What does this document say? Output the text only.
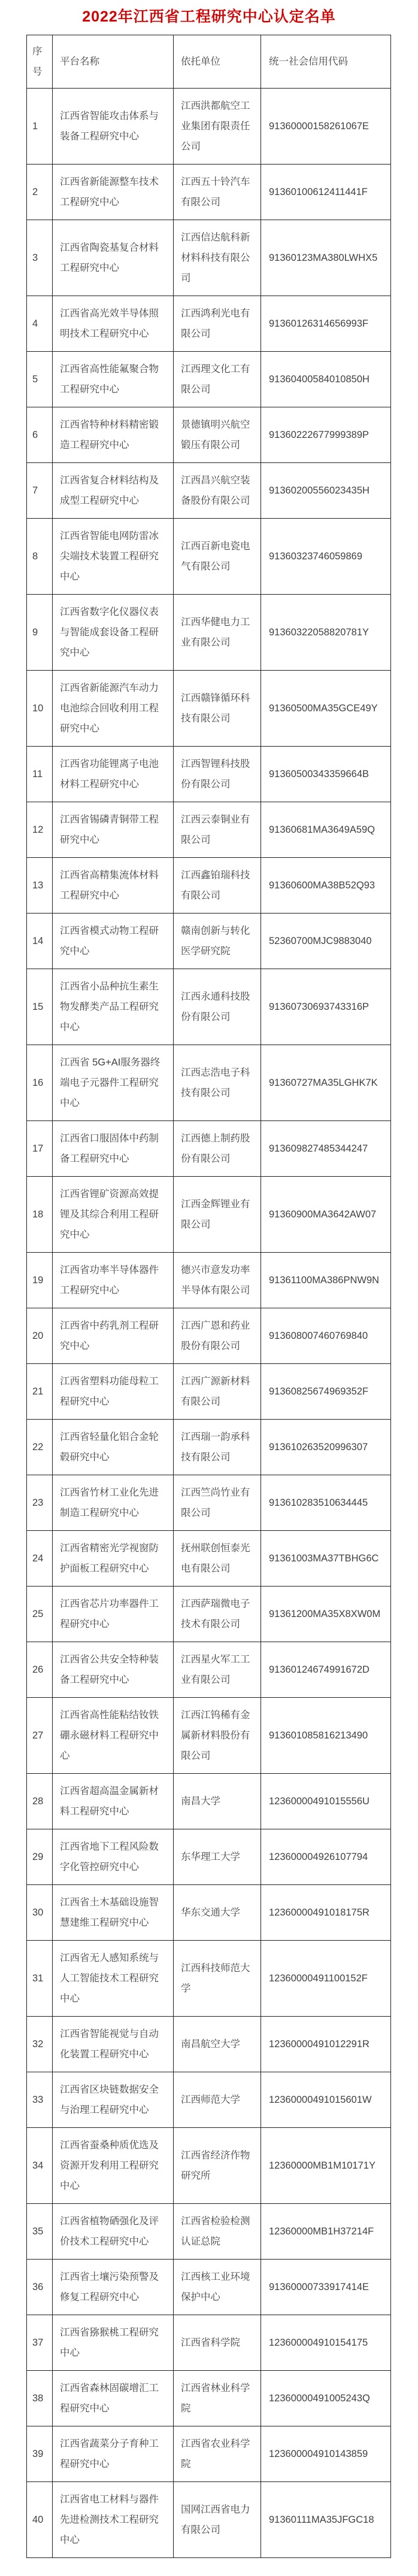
2022年江西省工程研究中心认定名单
序号	平台名称	依托单位	统一社会信用代码
1	江西省智能攻击体系与装备工程研究中心	江西洪都航空工业集团有限责任公司	91360000158261067E
2	江西省新能源整车技术工程研究中心	江西五十铃汽车有限公司	91360100612411441F
3	江西省陶瓷基复合材料工程研究中心	江西信达航科新材料科技有限公司	91360123MA380LWHX5
4	江西省高光效半导体照明技术工程研究中心	江西鸿利光电有限公司	91360126314656993F
5	江西省高性能氟聚合物工程研究中心	江西理文化工有限公司	91360400584010850H
6	江西省特种材料精密锻造工程研究中心	景德镇明兴航空锻压有限公司	91360222677999389P
7	江西省复合材料结构及成型工程研究中心	江西昌兴航空装备股份有限公司	91360200556023435H
8	江西省智能电网防雷冰尖端技术装置工程研究中心	江西百新电瓷电气有限公司	91360323746059869
9	江西省数字化仪器仪表与智能成套设备工程研究中心	江西华健电力工业有限公司	91360322058820781Y
10	江西省新能源汽车动力电池综合回收利用工程研究中心	江西赣锋循环科技有限公司	91360500MA35GCE49Y
11	江西省功能锂离子电池材料工程研究中心	江西智锂科技股份有限公司	91360500343359664B
12	江西省锡磷青铜带工程研究中心	江西云泰铜业有限公司	91360681MA3649A59Q
13	江西省高精集流体材料工程研究中心	江西鑫铂瑞科技有限公司	91360600MA38B52Q93
14	江西省模式动物工程研究中心	赣南创新与转化医学研究院	52360700MJC9883040
15	江西省小品种抗生素生物发酵类产品工程研究中心	江西永通科技股份有限公司	91360730693743316P
16	江西省 5G+AI服务器终端电子元器件工程研究中心	江西志浩电子科技有限公司	91360727MA35LGHK7K
17	江西省口服固体中药制备工程研究中心	江西德上制药股份有限公司	913609827485344247
18	江西省锂矿资源高效提锂及其综合利用工程研究中心	江西金辉锂业有限公司	91360900MA3642AW07
19	江西省功率半导体器件工程研究中心	德兴市意发功率半导体有限公司	91361100MA386PNW9N
20	江西省中药乳剂工程研究中心	江西广恩和药业股份有限公司	913608007460769840
21	江西省塑料功能母粒工程研究中心	江西广源新材料有限公司	91360825674969352F
22	江西省轻量化铝合金轮毂研究中心	江西瑞一韵承科技有限公司	913610263520996307
23	江西省竹材工业化先进制造工程研究中心	江西竺尚竹业有限公司	913610283510634445
24	江西省精密光学视窗防护面板工程研究中心	抚州联创恒泰光电有限公司	91361003MA37TBHG6C
25	江西省芯片功率器件工程研究中心	江西萨瑞微电子技术有限公司	91361200MA35X8XW0M
26	江西省公共安全特种装备工程研究中心	江西星火军工工业有限公司	91360124674991672D
27	江西省高性能粘结钕铁硼永磁材料工程研究中心	江西江钨稀有金属新材料股份有限公司	913601085816213490
28	江西省超高温金属新材料工程研究中心	南昌大学	12360000491015556U
29	江西省地下工程风险数字化管控研究中心	东华理工大学	123600004926107794
30	江西省土木基础设施智慧建维工程研究中心	华东交通大学	12360000491018175R
31	江西省无人感知系统与人工智能技术工程研究中心	江西科技师范大学	12360000491100152F
32	江西省智能视觉与自动化装置工程研究中心	南昌航空大学	12360000491012291R
33	江西省区块链数据安全与治理工程研究中心	江西师范大学	12360000491015601W
34	江西省蚕桑种质优选及资源开发利用工程研究中心	江西省经济作物研究所	12360000MB1M10171Y
35	江西省植物硒强化及评价技术工程研究中心	江西省检验检测认证总院	12360000MB1H37214F
36	江西省土壤污染预警及修复工程研究中心	江西核工业环境保护中心	91360000733917414E
37	江西省猕猴桃工程研究中心	江西省科学院	123600004910154175
38	江西省森林固碳增汇工程研究中心	江西省林业科学院	12360000491005243Q
39	江西省蔬菜分子育种工程研究中心	江西省农业科学院	123600004910143859
40	江西省电工材料与器件先进检测技术工程研究中心	国网江西省电力有限公司	91360111MA35JFGC18
